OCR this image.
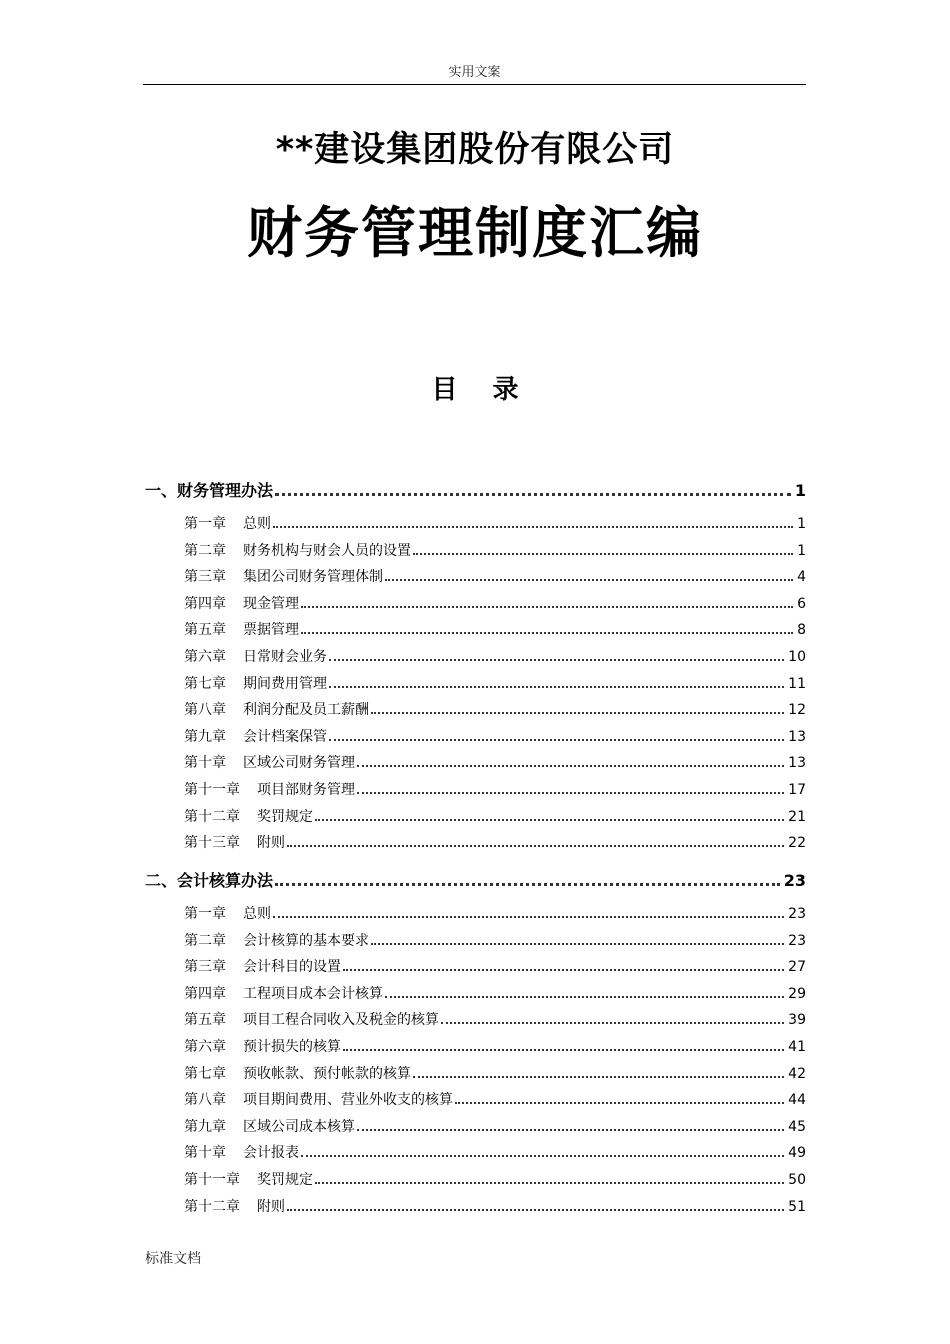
实用文案
**建设集团股份有限公司
财务管理制度汇编
目 录
一、 财务管理办法	1
第一章	总则	1
第二章	财务机构与财会人员的设置	1
第三章	集团公司财务管理体制	4
第四章	现金管理	6
第五章	票据管理	8
第六章	日常财会业务	10
第七章	期间费用管理	11
第八章	利润分配及员工薪酬	12
第九章	会计档案保管	13
第十章	区域公司财务管理	13
第十一章	项目部财务管理	17
第十二章	奖罚规定	21
第十三章	附则	22
二、 会计核算办法	23
第一章	总则	23
第二章	会计核算的基本要求	23
第三章	会计科目的设置	27
第四章	工程项目成本会计核算	29
第五章	项目工程合同收入及税金的核算	39
第六章	预计损失的核算	41
第七章	预收帐款、预付帐款的核算	42
第八章	项目期间费用、营业外收支的核算	44
第九章	区域公司成本核算	45
第十章	会计报表	49
第十一章	奖罚规定	50
第十二章	附则	51
标准文档
